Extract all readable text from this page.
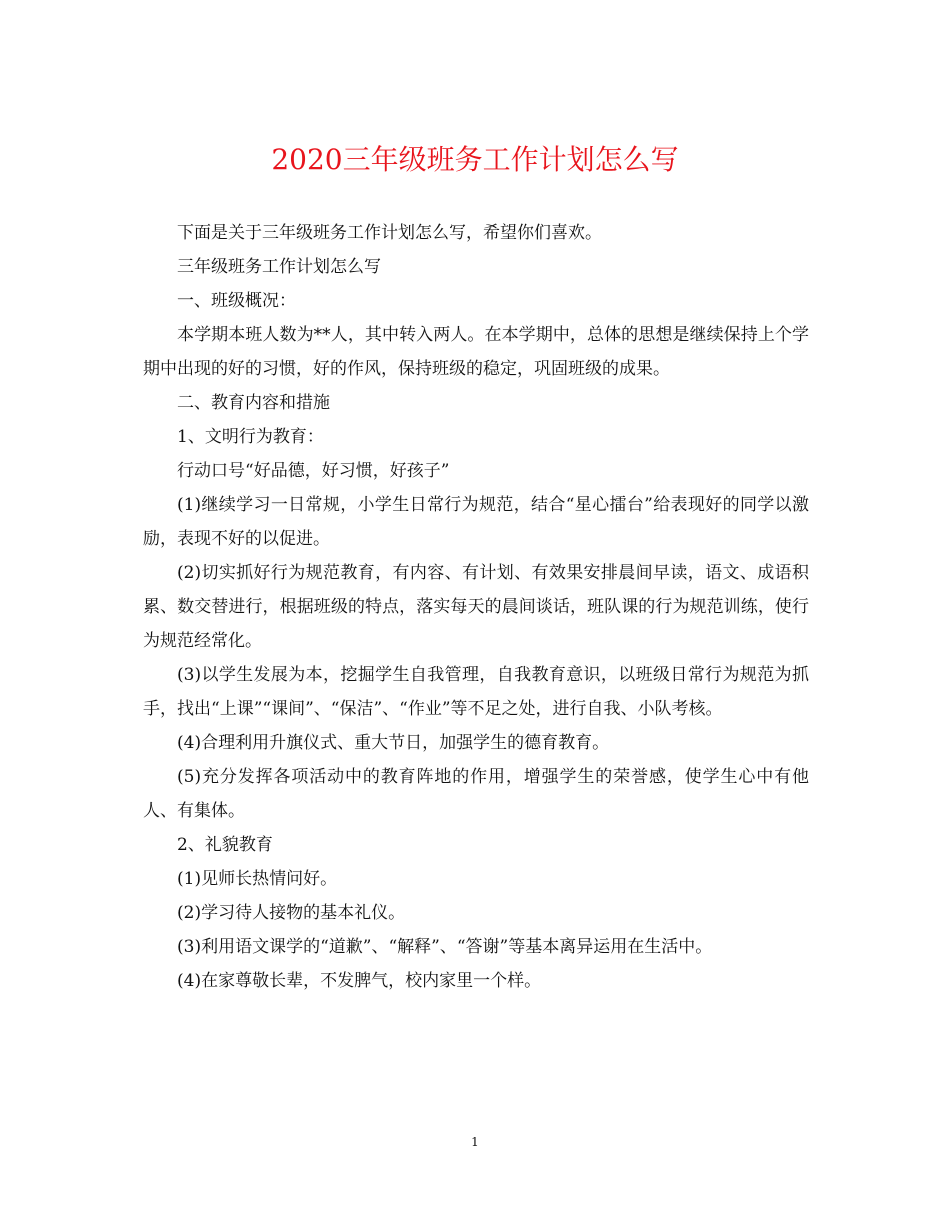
2020三年级班务工作计划怎么写

下面是关于三年级班务工作计划怎么写，希望你们喜欢。

三年级班务工作计划怎么写

一、班级概况：

本学期本班人数为**人，其中转入两人。在本学期中，总体的思想是继续保持上个学期中出现的好的习惯，好的作风，保持班级的稳定，巩固班级的成果。

二、教育内容和措施

1、文明行为教育：

行动口号“好品德，好习惯，好孩子”

(1)继续学习一日常规，小学生日常行为规范，结合“星心擂台”给表现好的同学以激励，表现不好的以促进。

(2)切实抓好行为规范教育，有内容、有计划、有效果安排晨间早读，语文、成语积累、数交替进行，根据班级的特点，落实每天的晨间谈话，班队课的行为规范训练，使行为规范经常化。

(3)以学生发展为本，挖掘学生自我管理，自我教育意识，以班级日常行为规范为抓手，找出“上课”“课间”、“保洁”、“作业”等不足之处，进行自我、小队考核。

(4)合理利用升旗仪式、重大节日，加强学生的德育教育。

(5)充分发挥各项活动中的教育阵地的作用，增强学生的荣誉感，使学生心中有他人、有集体。

2、礼貌教育

(1)见师长热情问好。

(2)学习待人接物的基本礼仪。

(3)利用语文课学的“道歉”、“解释”、“答谢”等基本离异运用在生活中。

(4)在家尊敬长辈，不发脾气，校内家里一个样。

1
